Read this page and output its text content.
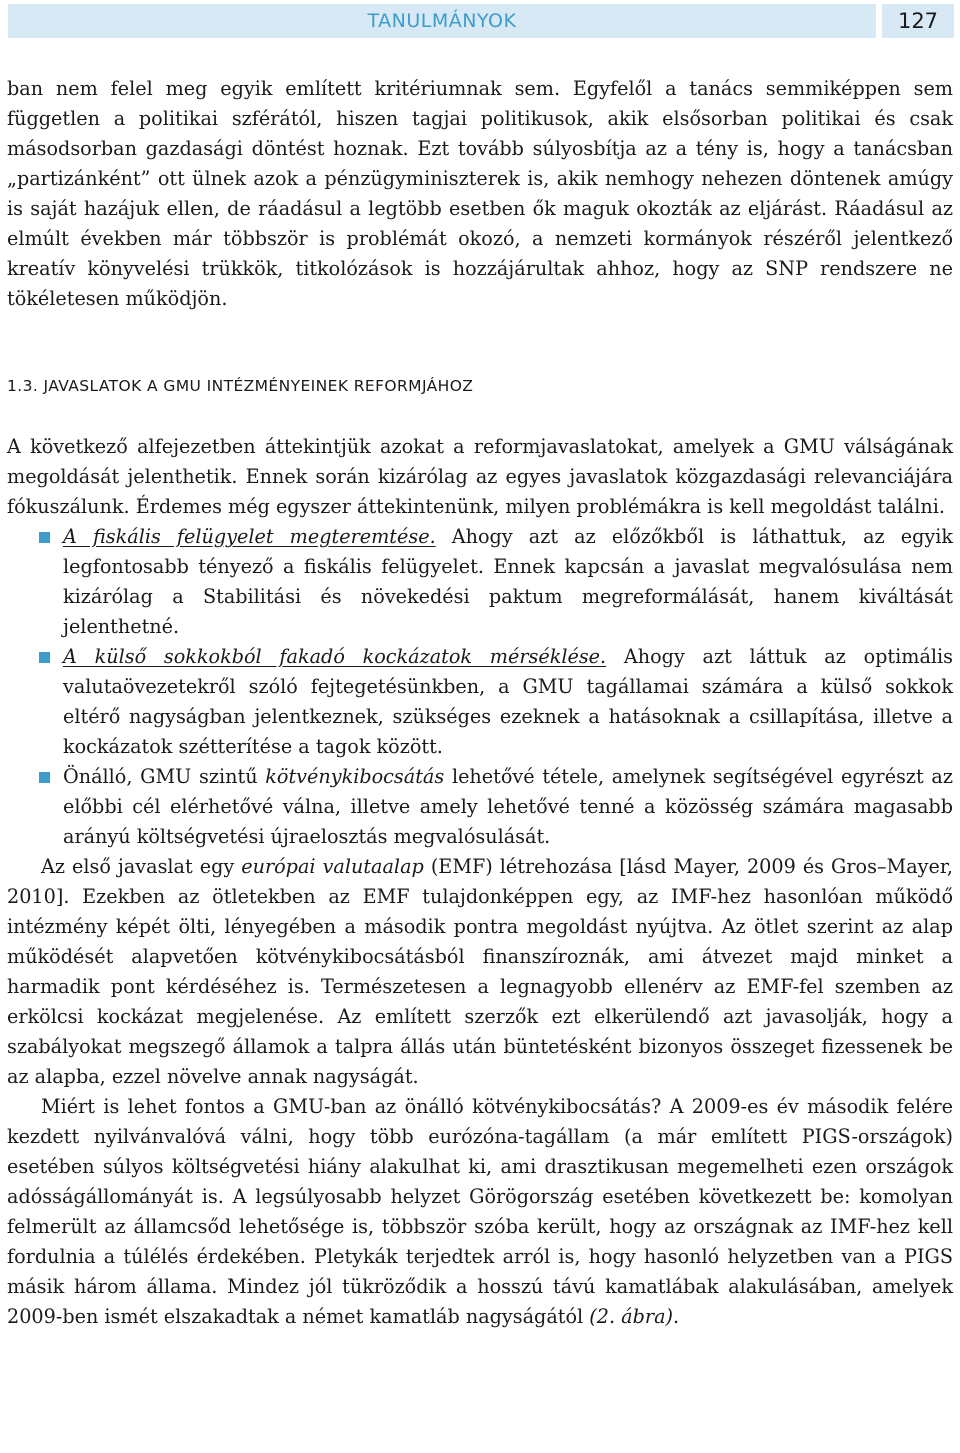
TANULMÁNYOK	127

ban nem felel meg egyik említett kritériumnak sem. Egyfelől a tanács semmiképpen sem független a politikai szférától, hiszen tagjai politikusok, akik elsősorban politikai és csak másodsorban gazdasági döntést hoznak. Ezt tovább súlyosbítja az a tény is, hogy a tanácsban „partizánként” ott ülnek azok a pénzügyminiszterek is, akik nemhogy nehezen döntenek amúgy is saját hazájuk ellen, de ráadásul a legtöbb esetben ők maguk okozták az eljárást. Ráadásul az elmúlt években már többször is problémát okozó, a nemzeti kormányok részéről jelentkező kreatív könyvelési trükkök, titkolózások is hozzájárultak ahhoz, hogy az SNP rendszere ne tökéletesen működjön.

1.3. JAVASLATOK A GMU INTÉZMÉNYEINEK REFORMJÁHOZ

A következő alfejezetben áttekintjük azokat a reformjavaslatokat, amelyek a GMU válságának megoldását jelenthetik. Ennek során kizárólag az egyes javaslatok közgazdasági relevanciájára fókuszálunk. Érdemes még egyszer áttekintenünk, milyen problémákra is kell megoldást találni.

A fiskális felügyelet megteremtése. Ahogy azt az előzőkből is láthattuk, az egyik legfontosabb tényező a fiskális felügyelet. Ennek kapcsán a javaslat megvalósulása nem kizárólag a Stabilitási és növekedési paktum megreformálását, hanem kiváltását jelenthetné.
A külső sokkokból fakadó kockázatok mérséklése. Ahogy azt láttuk az optimális valutaövezetekről szóló fejtegetésünkben, a GMU tagállamai számára a külső sokkok eltérő nagyságban jelentkeznek, szükséges ezeknek a hatásoknak a csillapítása, illetve a kockázatok szétterítése a tagok között.
Önálló, GMU szintű kötvénykibocsátás lehetővé tétele, amelynek segítségével egyrészt az előbbi cél elérhetővé válna, illetve amely lehetővé tenné a közösség számára magasabb arányú költségvetési újraelosztás megvalósulását.

Az első javaslat egy európai valutaalap (EMF) létrehozása [lásd Mayer, 2009 és Gros–Mayer, 2010]. Ezekben az ötletekben az EMF tulajdonképpen egy, az IMF-hez hasonlóan működő intézmény képét ölti, lényegében a második pontra megoldást nyújtva. Az ötlet szerint az alap működését alapvetően kötvénykibocsátásból finanszíroznák, ami átvezet majd minket a harmadik pont kérdéséhez is. Természetesen a legnagyobb ellenérv az EMF-fel szemben az erkölcsi kockázat megjelenése. Az említett szerzők ezt elkerülendő azt javasolják, hogy a szabályokat megszegő államok a talpra állás után büntetésként bizonyos összeget fizessenek be az alapba, ezzel növelve annak nagyságát.

Miért is lehet fontos a GMU-ban az önálló kötvénykibocsátás? A 2009-es év második felére kezdett nyilvánvalóvá válni, hogy több eurózóna-tagállam (a már említett PIGS-országok) esetében súlyos költségvetési hiány alakulhat ki, ami drasztikusan megemelheti ezen országok adósságállományát is. A legsúlyosabb helyzet Görögország esetében következett be: komolyan felmerült az államcsőd lehetősége is, többször szóba került, hogy az országnak az IMF-hez kell fordulnia a túlélés érdekében. Pletykák terjedtek arról is, hogy hasonló helyzetben van a PIGS másik három állama. Mindez jól tükröződik a hosszú távú kamatlábak alakulásában, amelyek 2009-ben ismét elszakadtak a német kamatláb nagyságától (2. ábra).
